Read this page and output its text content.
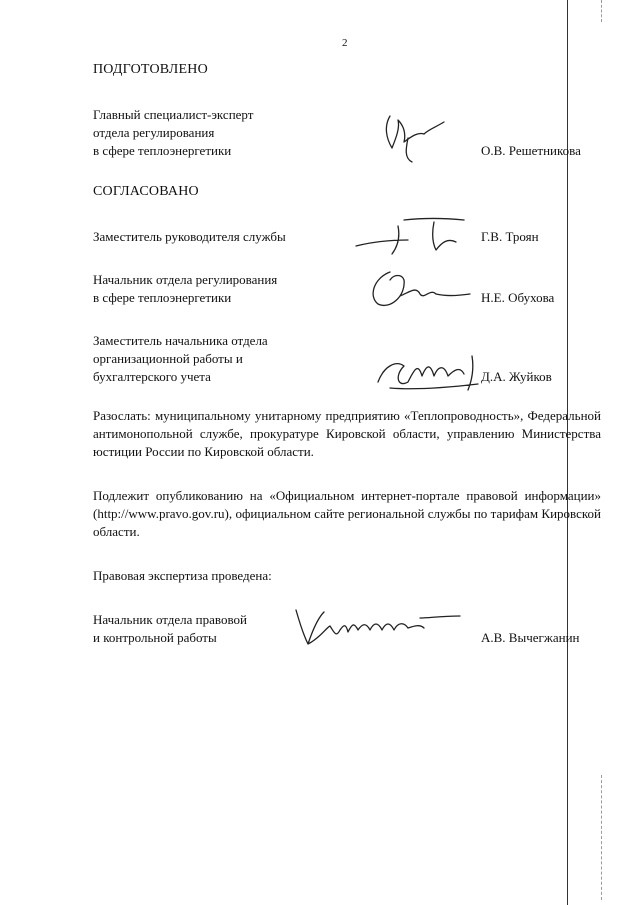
2
ПОДГОТОВЛЕНО
Главный специалист-эксперт
отдела регулирования
в сфере теплоэнергетики	О.В. Решетникова
СОГЛАСОВАНО
Заместитель руководителя службы	Г.В. Троян
Начальник отдела регулирования
в сфере теплоэнергетики	Н.Е. Обухова
Заместитель начальника отдела
организационной работы и
бухгалтерского учета	Д.А. Жуйков
Разослать: муниципальному унитарному предприятию «Теплопроводность», Федеральной антимонопольной службе, прокуратуре Кировской области, управлению Министерства юстиции России по Кировской области.
Подлежит опубликованию на «Официальном интернет-портале правовой информации» (http://www.pravo.gov.ru), официальном сайте региональной службы по тарифам Кировской области.
Правовая экспертиза проведена:
Начальник отдела правовой
и контрольной работы	А.В. Вычегжанин
